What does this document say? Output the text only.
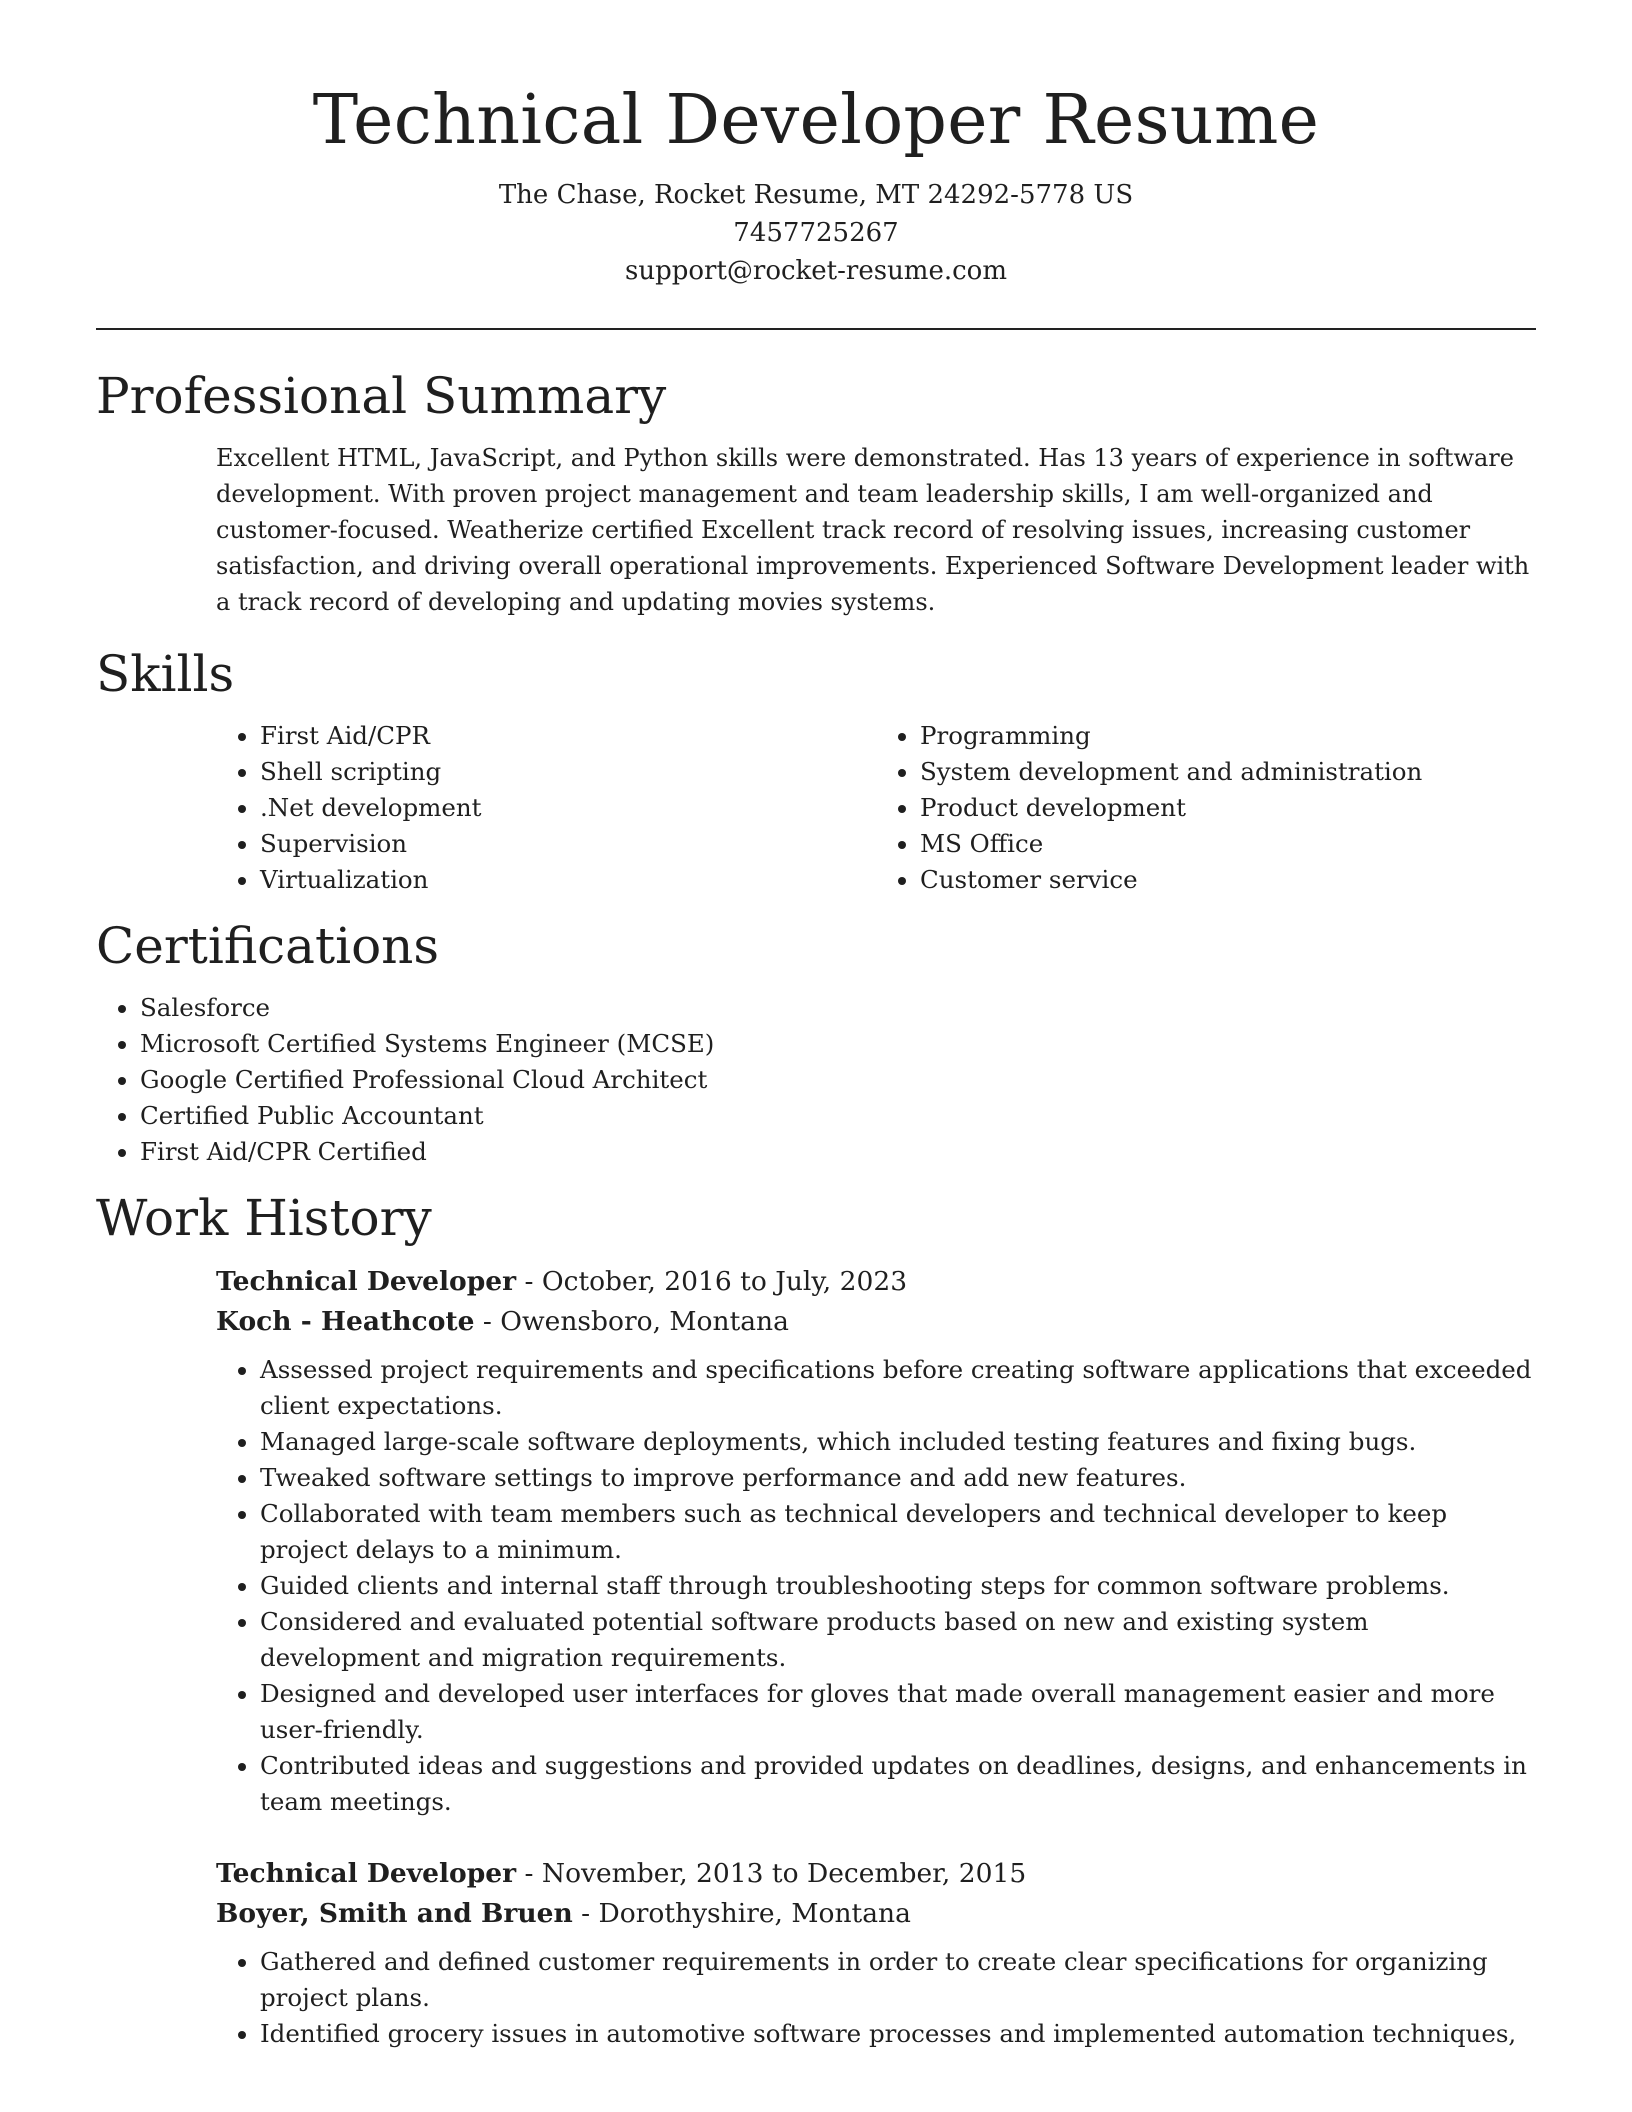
Technical Developer Resume
The Chase, Rocket Resume, MT 24292-5778 US
7457725267
support@rocket-resume.com
Professional Summary

Excellent HTML, JavaScript, and Python skills were demonstrated. Has 13 years of experience in software development. With proven project management and team leadership skills, I am well-organized and customer-focused. Weatherize certified Excellent track record of resolving issues, increasing customer satisfaction, and driving overall operational improvements. Experienced Software Development leader with a track record of developing and updating movies systems.

Skills
• First Aid/CPR
• Shell scripting
• .Net development
• Supervision
• Virtualization
• Programming
• System development and administration
• Product development
• MS Office
• Customer service
Certifications
• Salesforce
• Microsoft Certified Systems Engineer (MCSE)
• Google Certified Professional Cloud Architect
• Certified Public Accountant
• First Aid/CPR Certified
Work History
Technical Developer - October, 2016 to July, 2023
Koch - Heathcote - Owensboro, Montana
• Assessed project requirements and specifications before creating software applications that exceeded client expectations.
• Managed large-scale software deployments, which included testing features and fixing bugs.
• Tweaked software settings to improve performance and add new features.
• Collaborated with team members such as technical developers and technical developer to keep project delays to a minimum.
• Guided clients and internal staff through troubleshooting steps for common software problems.
• Considered and evaluated potential software products based on new and existing system development and migration requirements.
• Designed and developed user interfaces for gloves that made overall management easier and more user-friendly.
• Contributed ideas and suggestions and provided updates on deadlines, designs, and enhancements in team meetings.
Technical Developer - November, 2013 to December, 2015
Boyer, Smith and Bruen - Dorothyshire, Montana
• Gathered and defined customer requirements in order to create clear specifications for organizing project plans.
• Identified grocery issues in automotive software processes and implemented automation techniques,
